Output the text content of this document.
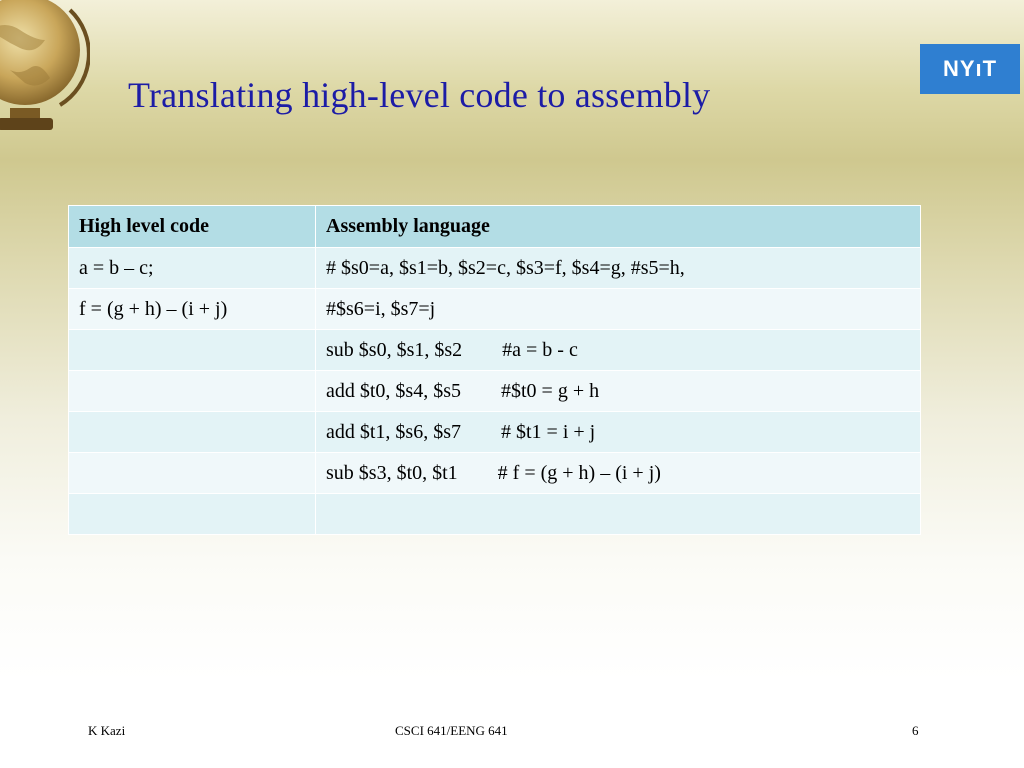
Translating high-level code to assembly
NYıT
High level code	Assembly language
a = b – c;	# $s0=a, $s1=b, $s2=c, $s3=f, $s4=g, #s5=h,
f = (g + h) – (i + j)	#$s6=i, $s7=j
	sub $s0, $s1, $s2        #a = b - c
	add $t0, $s4, $s5        #$t0 = g + h
	add $t1, $s6, $s7        # $t1 = i + j
	sub $s3, $t0, $t1        # f = (g + h) – (i + j)

K Kazi	CSCI 641/EENG 641	6
